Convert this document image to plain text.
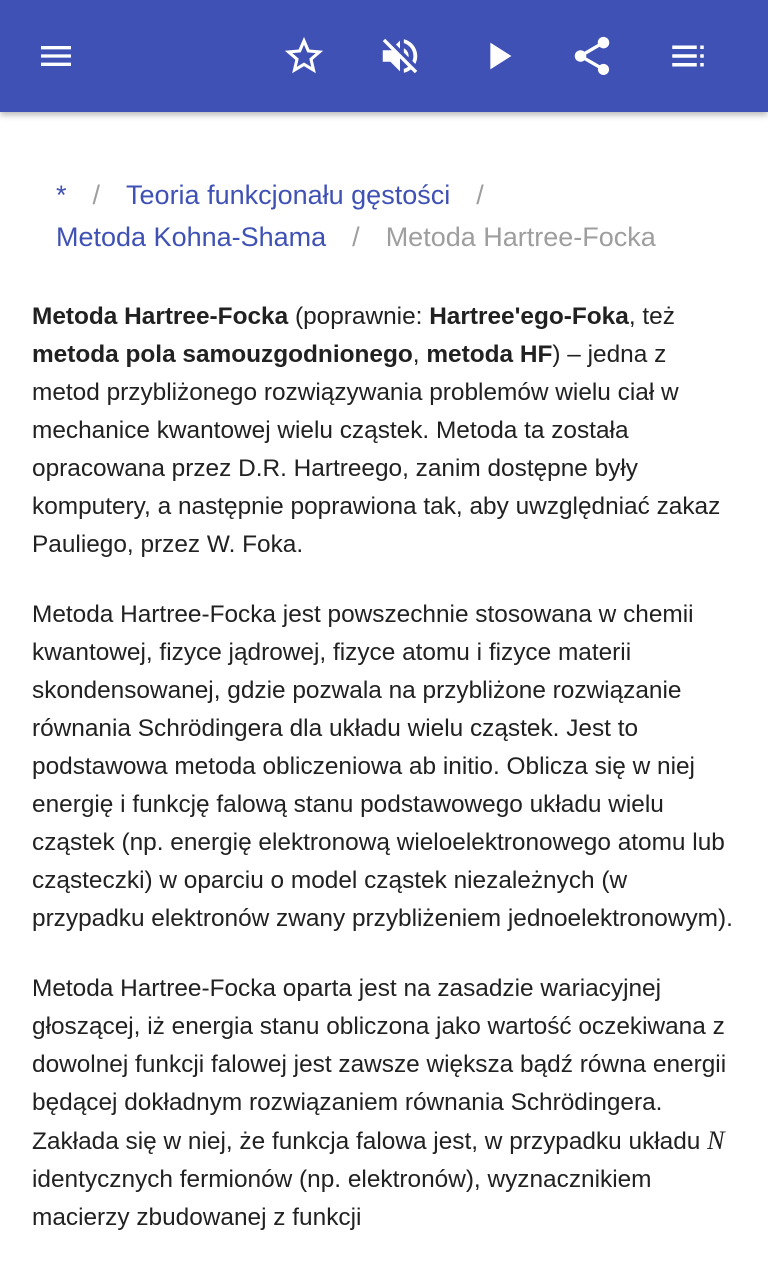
* / Teoria funkcjonału gęstości /
Metoda Kohna-Shama / Metoda Hartree-Focka

Metoda Hartree-Focka (poprawnie: Hartree'ego-Foka, też metoda pola samouzgodnionego, metoda HF) – jedna z metod przybliżonego rozwiązywania problemów wielu ciał w mechanice kwantowej wielu cząstek. Metoda ta została opracowana przez D.R. Hartreego, zanim dostępne były komputery, a następnie poprawiona tak, aby uwzględniać zakaz Pauliego, przez W. Foka.

Metoda Hartree-Focka jest powszechnie stosowana w chemii kwantowej, fizyce jądrowej, fizyce atomu i fizyce materii skondensowanej, gdzie pozwala na przybliżone rozwiązanie równania Schrödingera dla układu wielu cząstek. Jest to podstawowa metoda obliczeniowa ab initio. Oblicza się w niej energię i funkcję falową stanu podstawowego układu wielu cząstek (np. energię elektronową wieloelektronowego atomu lub cząsteczki) w oparciu o model cząstek niezależnych (w przypadku elektronów zwany przybliżeniem jednoelektronowym).

Metoda Hartree-Focka oparta jest na zasadzie wariacyjnej głoszącej, iż energia stanu obliczona jako wartość oczekiwana z dowolnej funkcji falowej jest zawsze większa bądź równa energii będącej dokładnym rozwiązaniem równania Schrödingera. Zakłada się w niej, że funkcja falowa jest, w przypadku układu N identycznych fermionów (np. elektronów), wyznacznikiem macierzy zbudowanej z funkcji
